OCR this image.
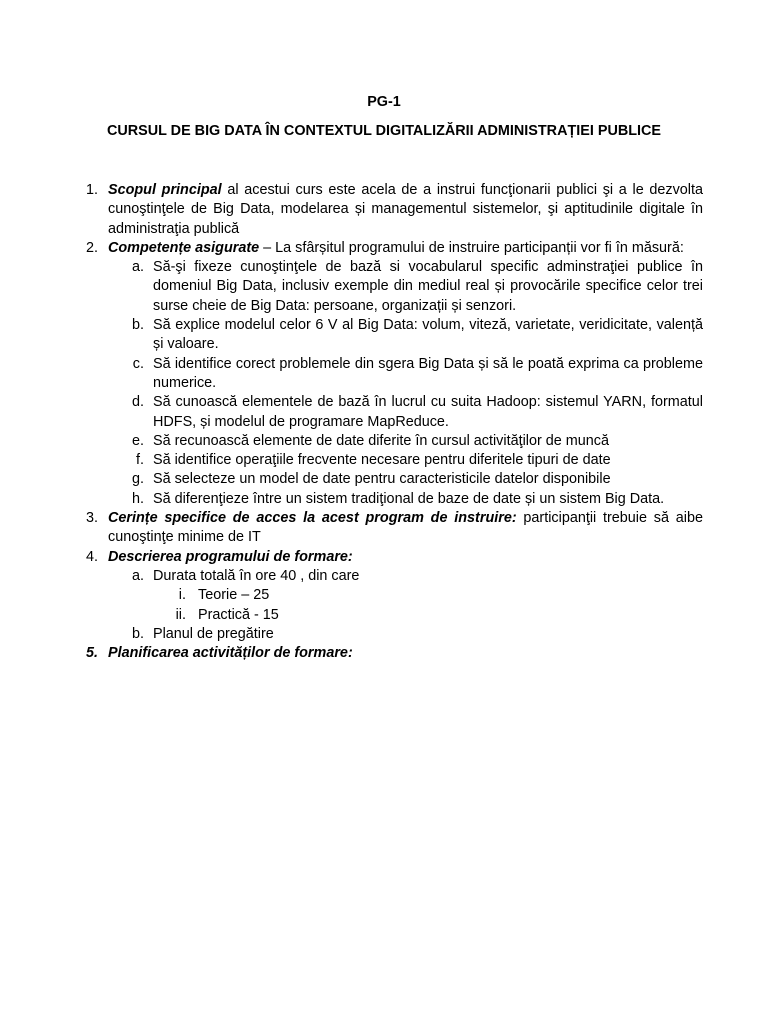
PG-1
CURSUL DE BIG DATA ÎN CONTEXTUL DIGITALIZĂRII ADMINISTRAȚIEI PUBLICE
1. Scopul principal al acestui curs este acela de a instrui funcţionarii publici şi a le dezvolta cunoştinţele de Big Data, modelarea și managementul sistemelor, şi aptitudinile digitale în administraţia publică
2. Competențe asigurate – La sfârșitul programului de instruire participanții vor fi în măsură:
a. Să-şi fixeze cunoştinţele de bază si vocabularul specific adminstraţiei publice în domeniul Big Data, inclusiv exemple din mediul real și provocările specifice celor trei surse cheie de Big Data: persoane, organizații și senzori.
b. Să explice modelul celor 6 V al Big Data: volum, viteză, varietate, veridicitate, valență și valoare.
c. Să identifice corect problemele din sgera Big Data și să le poată exprima ca probleme numerice.
d. Să cunoască elementele de bază în lucrul cu suita Hadoop: sistemul YARN, formatul HDFS, și modelul de programare MapReduce.
e. Să recunoască elemente de date diferite în cursul activităţilor de muncă
f. Să identifice operaţiile frecvente necesare pentru diferitele tipuri de date
g. Să selecteze un model de date pentru caracteristicile datelor disponibile
h. Să diferenţieze între un sistem tradiţional de baze de date și un sistem Big Data.
3. Cerințe specifice de acces la acest program de instruire: participanţii trebuie să aibe cunoştinţe minime de IT
4. Descrierea programului de formare:
a. Durata totală în ore 40 , din care
i. Teorie – 25
ii. Practică - 15
b. Planul de pregătire
5. Planificarea activităților de formare:
